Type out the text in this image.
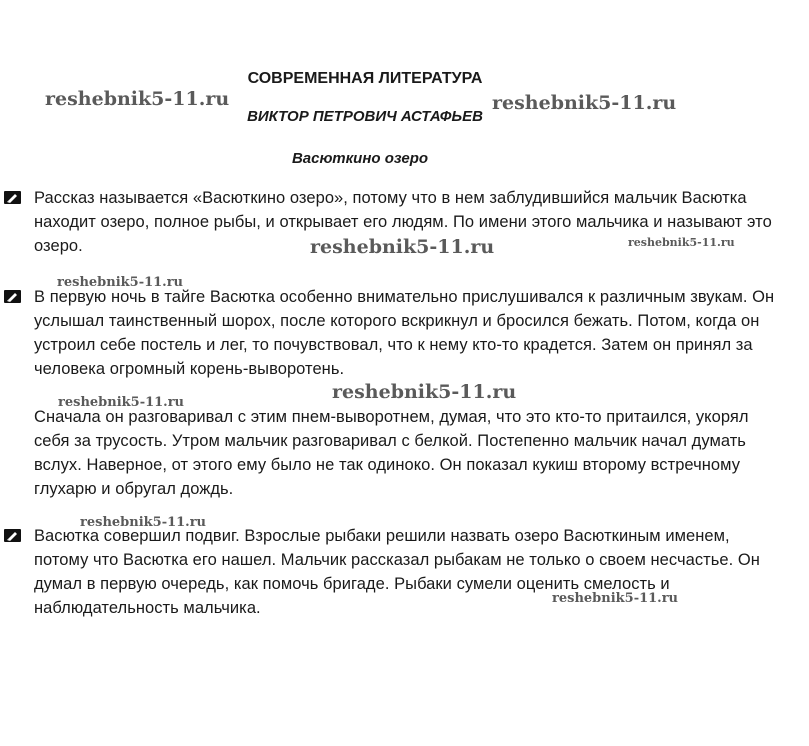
СОВРЕМЕННАЯ ЛИТЕРАТУРА
ВИКТОР ПЕТРОВИЧ АСТАФЬЕВ
Васюткино озеро

Рассказ называется «Васюткино озеро», потому что в нем заблудившийся мальчик Васютка находит озеро, полное рыбы, и открывает его людям. По имени этого мальчика и называют это озеро.

В первую ночь в тайге Васютка особенно внимательно прислушивался к различным звукам. Он услышал таинственный шорох, после которого вскрикнул и бросился бежать. Потом, когда он устроил себе постель и лег, то почувствовал, что к нему кто-то крадется. Затем он принял за человека огромный корень-выворотень.

Сначала он разговаривал с этим пнем-выворотнем, думая, что это кто-то притаился, укорял себя за трусость. Утром мальчик разговаривал с белкой. Постепенно мальчик начал думать вслух. Наверное, от этого ему было не так одиноко. Он показал кукиш второму встречному глухарю и обругал дождь.

Васютка совершил подвиг. Взрослые рыбаки решили назвать озеро Васюткиным именем, потому что Васютка его нашел. Мальчик рассказал рыбакам не только о своем несчастье. Он думал в первую очередь, как помочь бригаде. Рыбаки сумели оценить смелость и наблюдательность мальчика.

reshebnik5-11.ru	reshebnik5-11.ru
reshebnik5-11.ru	reshebnik5-11.ru
reshebnik5-11.ru
reshebnik5-11.ru
reshebnik5-11.ru
reshebnik5-11.ru
reshebnik5-11.ru
